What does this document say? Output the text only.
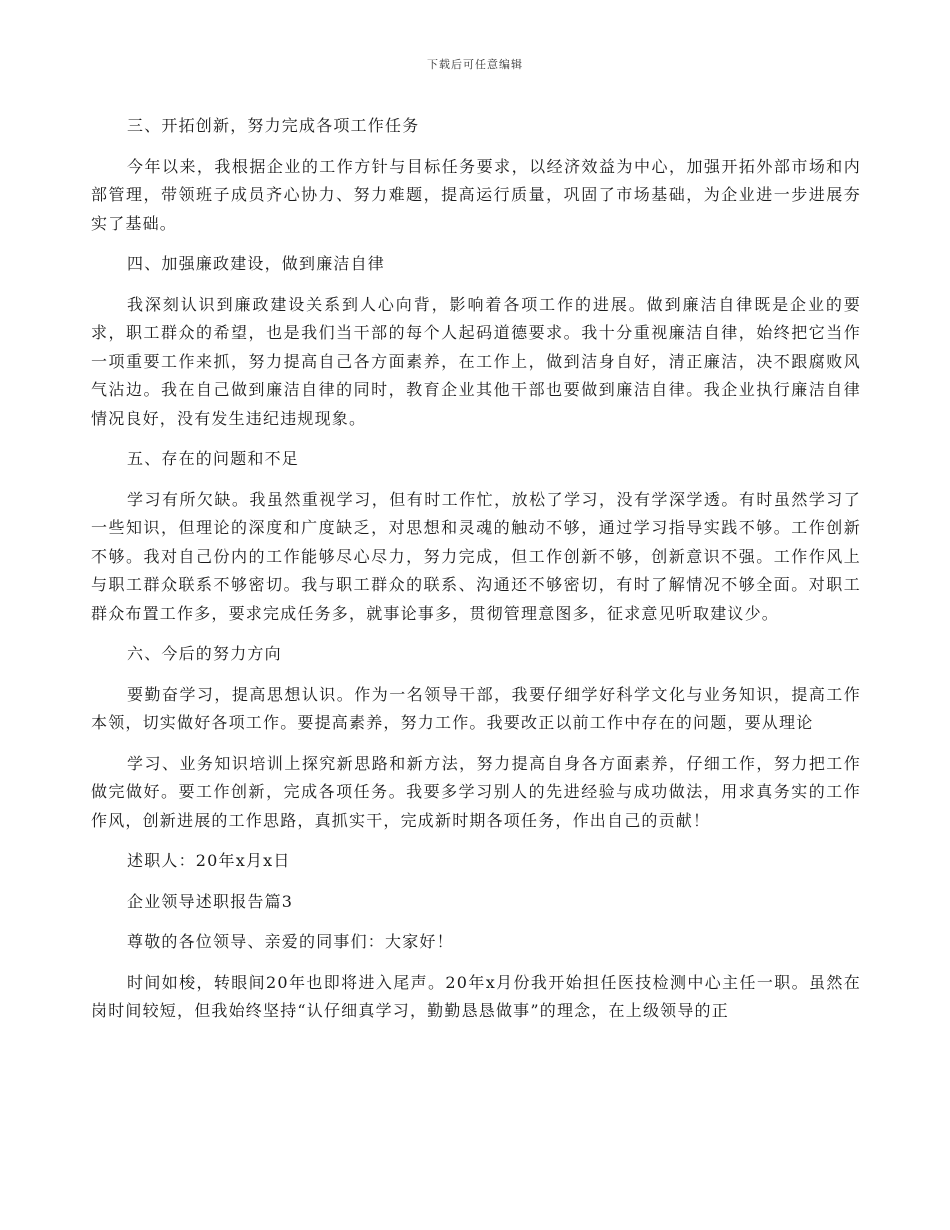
下载后可任意编辑

三、开拓创新，努力完成各项工作任务

今年以来，我根据企业的工作方针与目标任务要求，以经济效益为中心，加强开拓外部市场和内部管理，带领班子成员齐心协力、努力难题，提高运行质量，巩固了市场基础，为企业进一步进展夯实了基础。

四、加强廉政建设，做到廉洁自律

我深刻认识到廉政建设关系到人心向背，影响着各项工作的进展。做到廉洁自律既是企业的要求，职工群众的希望，也是我们当干部的每个人起码道德要求。我十分重视廉洁自律，始终把它当作一项重要工作来抓，努力提高自己各方面素养，在工作上，做到洁身自好，清正廉洁，决不跟腐败风气沾边。我在自己做到廉洁自律的同时，教育企业其他干部也要做到廉洁自律。我企业执行廉洁自律情况良好，没有发生违纪违规现象。

五、存在的问题和不足

学习有所欠缺。我虽然重视学习，但有时工作忙，放松了学习，没有学深学透。有时虽然学习了一些知识，但理论的深度和广度缺乏，对思想和灵魂的触动不够，通过学习指导实践不够。工作创新不够。我对自己份内的工作能够尽心尽力，努力完成，但工作创新不够，创新意识不强。工作作风上与职工群众联系不够密切。我与职工群众的联系、沟通还不够密切，有时了解情况不够全面。对职工群众布置工作多，要求完成任务多，就事论事多，贯彻管理意图多，征求意见听取建议少。

六、今后的努力方向

要勤奋学习，提高思想认识。作为一名领导干部，我要仔细学好科学文化与业务知识，提高工作本领，切实做好各项工作。要提高素养，努力工作。我要改正以前工作中存在的问题，要从理论

学习、业务知识培训上探究新思路和新方法，努力提高自身各方面素养，仔细工作，努力把工作做完做好。要工作创新，完成各项任务。我要多学习别人的先进经验与成功做法，用求真务实的工作作风，创新进展的工作思路，真抓实干，完成新时期各项任务，作出自己的贡献！

述职人：20年x月x日

企业领导述职报告篇3

尊敬的各位领导、亲爱的同事们：大家好！

时间如梭，转眼间20年也即将进入尾声。20年x月份我开始担任医技检测中心主任一职。虽然在岗时间较短，但我始终坚持“认仔细真学习，勤勤恳恳做事”的理念，在上级领导的正
